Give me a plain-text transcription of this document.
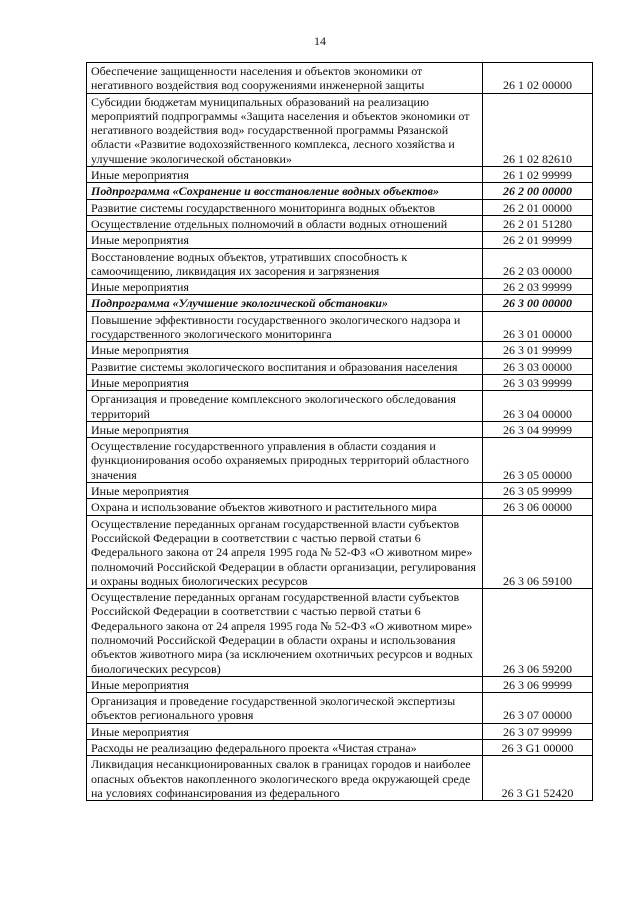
14
Обеспечение защищенности населения и объектов экономики от негативного воздействия вод сооружениями инженерной защиты	26 1 02 00000
Субсидии бюджетам муниципальных образований на реализацию мероприятий подпрограммы «Защита населения и объектов экономики от негативного воздействия вод» государственной программы Рязанской области «Развитие водохозяйственного комплекса, лесного хозяйства и улучшение экологической обстановки»	26 1 02 82610
Иные мероприятия	26 1 02 99999
Подпрограмма «Сохранение и восстановление водных объектов»	26 2 00 00000
Развитие системы государственного мониторинга водных объектов	26 2 01 00000
Осуществление отдельных полномочий в области водных отношений	26 2 01 51280
Иные мероприятия	26 2 01 99999
Восстановление водных объектов, утративших способность к самоочищению, ликвидация их засорения и загрязнения	26 2 03 00000
Иные мероприятия	26 2 03 99999
Подпрограмма «Улучшение экологической обстановки»	26 3 00 00000
Повышение эффективности государственного экологического надзора и государственного экологического мониторинга	26 3 01 00000
Иные мероприятия	26 3 01 99999
Развитие системы экологического воспитания и образования населения	26 3 03 00000
Иные мероприятия	26 3 03 99999
Организация и проведение комплексного экологического обследования территорий	26 3 04 00000
Иные мероприятия	26 3 04 99999
Осуществление государственного управления в области создания и функционирования особо охраняемых природных территорий областного значения	26 3 05 00000
Иные мероприятия	26 3 05 99999
Охрана и использование объектов животного и растительного мира	26 3 06 00000
Осуществление переданных органам государственной власти субъектов Российской Федерации в соответствии с частью первой статьи 6 Федерального закона от 24 апреля 1995 года № 52-ФЗ «О животном мире» полномочий Российской Федерации в области организации, регулирования и охраны водных биологических ресурсов	26 3 06 59100
Осуществление переданных органам государственной власти субъектов Российской Федерации в соответствии с частью первой статьи 6 Федерального закона от 24 апреля 1995 года № 52-ФЗ «О животном мире» полномочий Российской Федерации в области охраны и использования объектов животного мира (за исключением охотничьих ресурсов и водных биологических ресурсов)	26 3 06 59200
Иные мероприятия	26 3 06 99999
Организация и проведение государственной экологической экспертизы объектов регионального уровня	26 3 07 00000
Иные мероприятия	26 3 07 99999
Расходы не реализацию федерального проекта «Чистая страна»	26 3 G1 00000
Ликвидация несанкционированных свалок в границах городов и наиболее опасных объектов накопленного экологического вреда окружающей среде на условиях софинансирования из федерального	26 3 G1 52420
